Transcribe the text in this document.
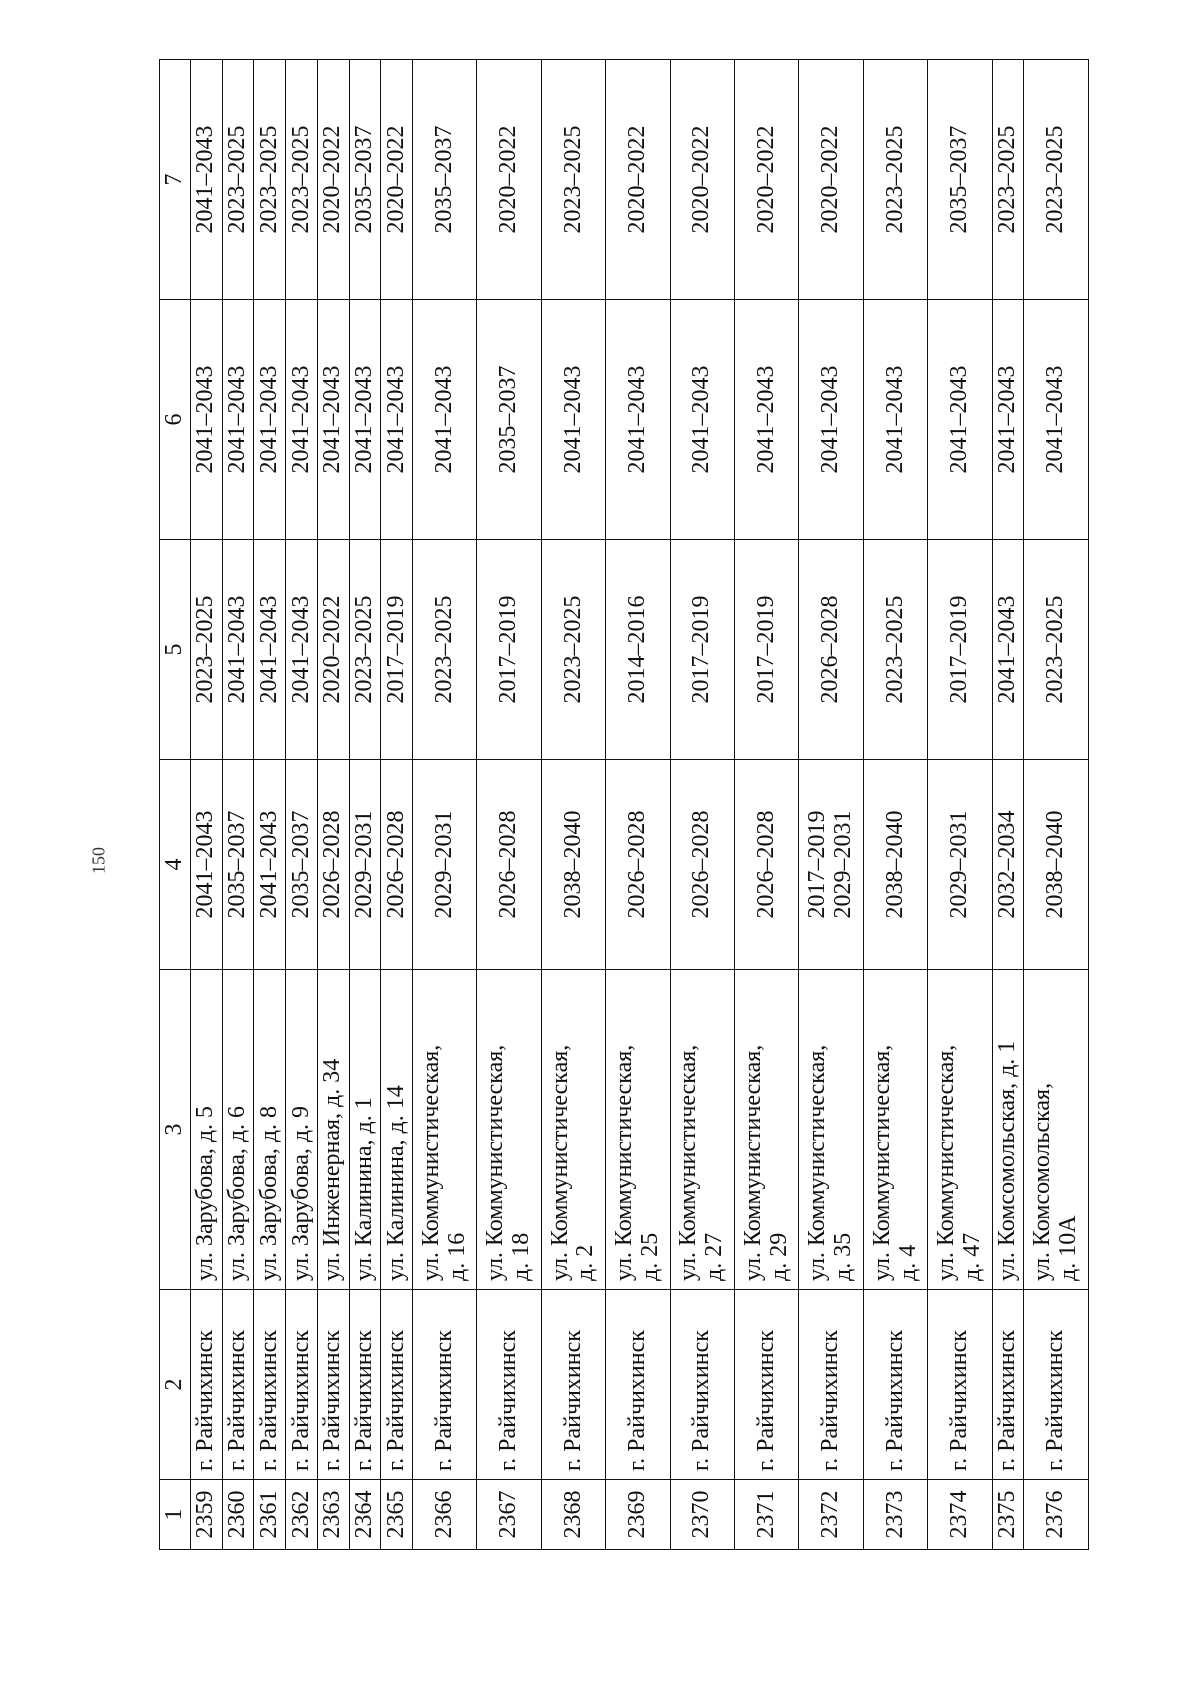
150
1	2	3	4	5	6	7
2359	г. Райчихинск	ул. Зарубова, д. 5	2041–2043	2023–2025	2041–2043	2041–2043
2360	г. Райчихинск	ул. Зарубова, д. 6	2035–2037	2041–2043	2041–2043	2023–2025
2361	г. Райчихинск	ул. Зарубова, д. 8	2041–2043	2041–2043	2041–2043	2023–2025
2362	г. Райчихинск	ул. Зарубова, д. 9	2035–2037	2041–2043	2041–2043	2023–2025
2363	г. Райчихинск	ул. Инженерная, д. 34	2026–2028	2020–2022	2041–2043	2020–2022
2364	г. Райчихинск	ул. Калинина, д. 1	2029–2031	2023–2025	2041–2043	2035–2037
2365	г. Райчихинск	ул. Калинина, д. 14	2026–2028	2017–2019	2041–2043	2020–2022
2366	г. Райчихинск	ул. Коммунистическая, д. 16	2029–2031	2023–2025	2041–2043	2035–2037
2367	г. Райчихинск	ул. Коммунистическая, д. 18	2026–2028	2017–2019	2035–2037	2020–2022
2368	г. Райчихинск	ул. Коммунистическая, д. 2	2038–2040	2023–2025	2041–2043	2023–2025
2369	г. Райчихинск	ул. Коммунистическая, д. 25	2026–2028	2014–2016	2041–2043	2020–2022
2370	г. Райчихинск	ул. Коммунистическая, д. 27	2026–2028	2017–2019	2041–2043	2020–2022
2371	г. Райчихинск	ул. Коммунистическая, д. 29	2026–2028	2017–2019	2041–2043	2020–2022
2372	г. Райчихинск	ул. Коммунистическая, д. 35	2017–2019 2029–2031	2026–2028	2041–2043	2020–2022
2373	г. Райчихинск	ул. Коммунистическая, д. 4	2038–2040	2023–2025	2041–2043	2023–2025
2374	г. Райчихинск	ул. Коммунистическая, д. 47	2029–2031	2017–2019	2041–2043	2035–2037
2375	г. Райчихинск	ул. Комсомольская, д. 1	2032–2034	2041–2043	2041–2043	2023–2025
2376	г. Райчихинск	ул. Комсомольская, д. 10А	2038–2040	2023–2025	2041–2043	2023–2025
